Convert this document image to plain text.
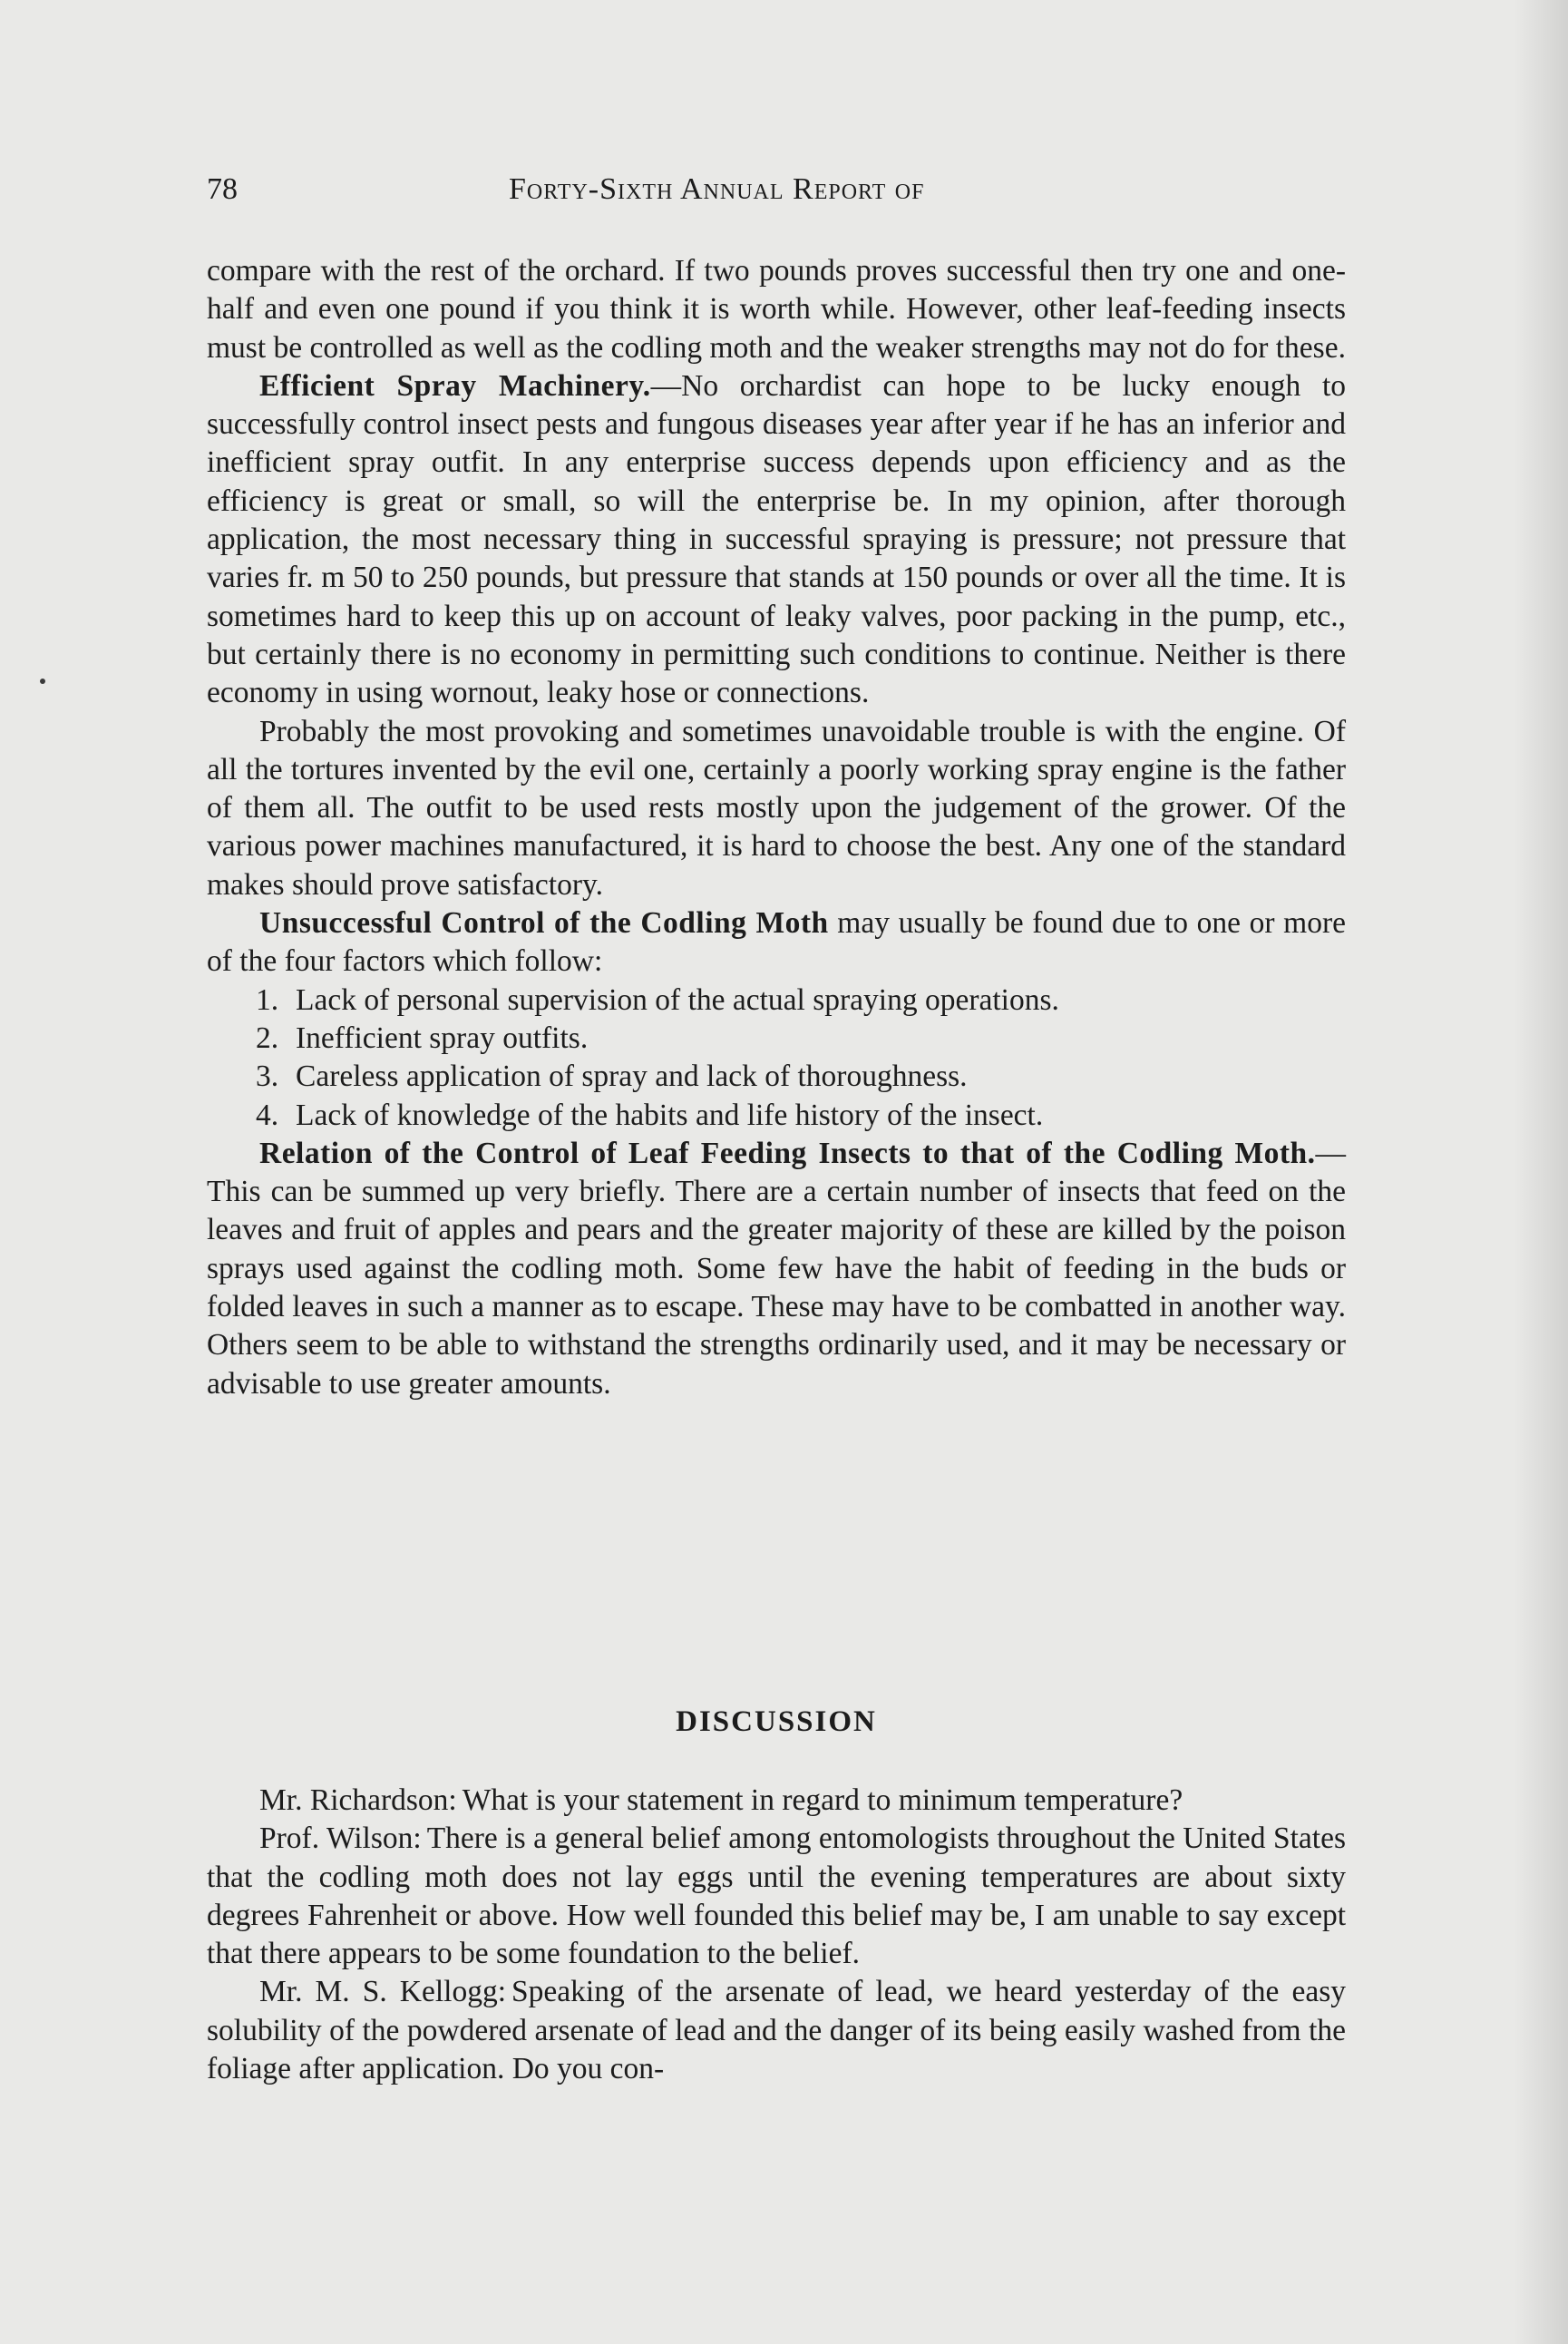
78	Forty-Sixth Annual Report of

compare with the rest of the orchard. If two pounds proves successful then try one and one-half and even one pound if you think it is worth while. However, other leaf-feeding insects must be controlled as well as the codling moth and the weaker strengths may not do for these.

Efficient Spray Machinery.—No orchardist can hope to be lucky enough to successfully control insect pests and fungous diseases year after year if he has an inferior and inefficient spray outfit. In any enterprise success depends upon efficiency and as the efficiency is great or small, so will the enterprise be. In my opinion, after thorough application, the most necessary thing in successful spraying is pressure; not pressure that varies fr. m 50 to 250 pounds, but pressure that stands at 150 pounds or over all the time. It is sometimes hard to keep this up on account of leaky valves, poor packing in the pump, etc., but certainly there is no economy in permitting such conditions to continue. Neither is there economy in using wornout, leaky hose or connections.

Probably the most provoking and sometimes unavoidable trouble is with the engine. Of all the tortures invented by the evil one, certainly a poorly working spray engine is the father of them all. The outfit to be used rests mostly upon the judgement of the grower. Of the various power machines manufactured, it is hard to choose the best. Any one of the standard makes should prove satisfactory.

Unsuccessful Control of the Codling Moth may usually be found due to one or more of the four factors which follow:

1. Lack of personal supervision of the actual spraying operations.
2. Inefficient spray outfits.
3. Careless application of spray and lack of thoroughness.
4. Lack of knowledge of the habits and life history of the insect.

Relation of the Control of Leaf Feeding Insects to that of the Codling Moth.—This can be summed up very briefly. There are a certain number of insects that feed on the leaves and fruit of apples and pears and the greater majority of these are killed by the poison sprays used against the codling moth. Some few have the habit of feeding in the buds or folded leaves in such a manner as to escape. These may have to be combatted in another way. Others seem to be able to withstand the strengths ordinarily used, and it may be necessary or advisable to use greater amounts.

DISCUSSION

Mr. Richardson: What is your statement in regard to minimum temperature?

Prof. Wilson: There is a general belief among entomologists throughout the United States that the codling moth does not lay eggs until the evening temperatures are about sixty degrees Fahrenheit or above. How well founded this belief may be, I am unable to say except that there appears to be some foundation to the belief.

Mr. M. S. Kellogg: Speaking of the arsenate of lead, we heard yesterday of the easy solubility of the powdered arsenate of lead and the danger of its being easily washed from the foliage after application. Do you con-
